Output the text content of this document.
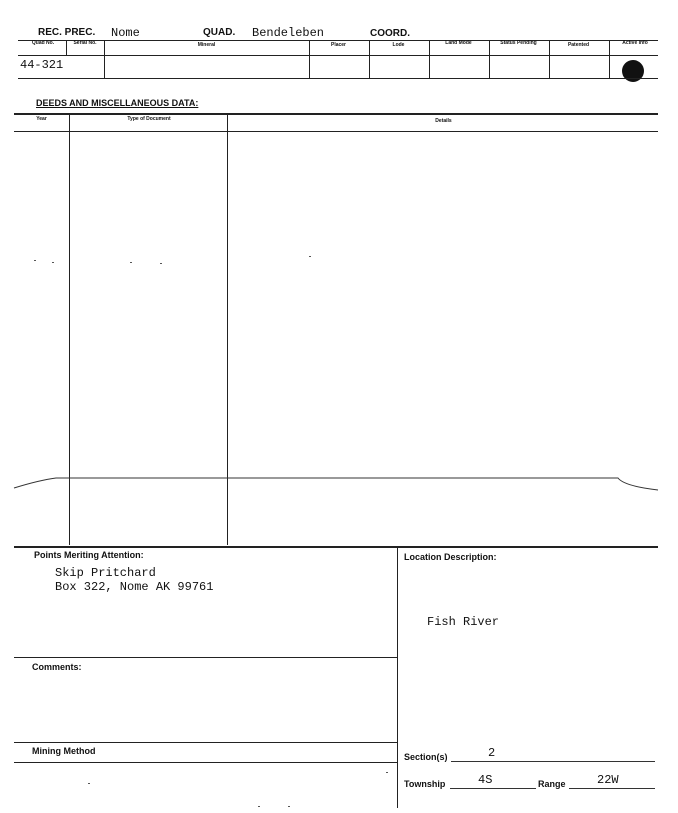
REC. PREC. Nome	QUAD. Bendeleben	COORD.
Quad No.	Serial No.	Mineral	Placer	Lode	Land Mode	Status Pending	Patented	Active Info
44-321
DEEDS AND MISCELLANEOUS DATA:
Year	Type of Document	Details
Points Meriting Attention:
Skip Pritchard
Box 322, Nome AK 99761
Comments:
Mining Method
Location Description:
Fish River
Section(s)	2
Township	4S	Range	22W
